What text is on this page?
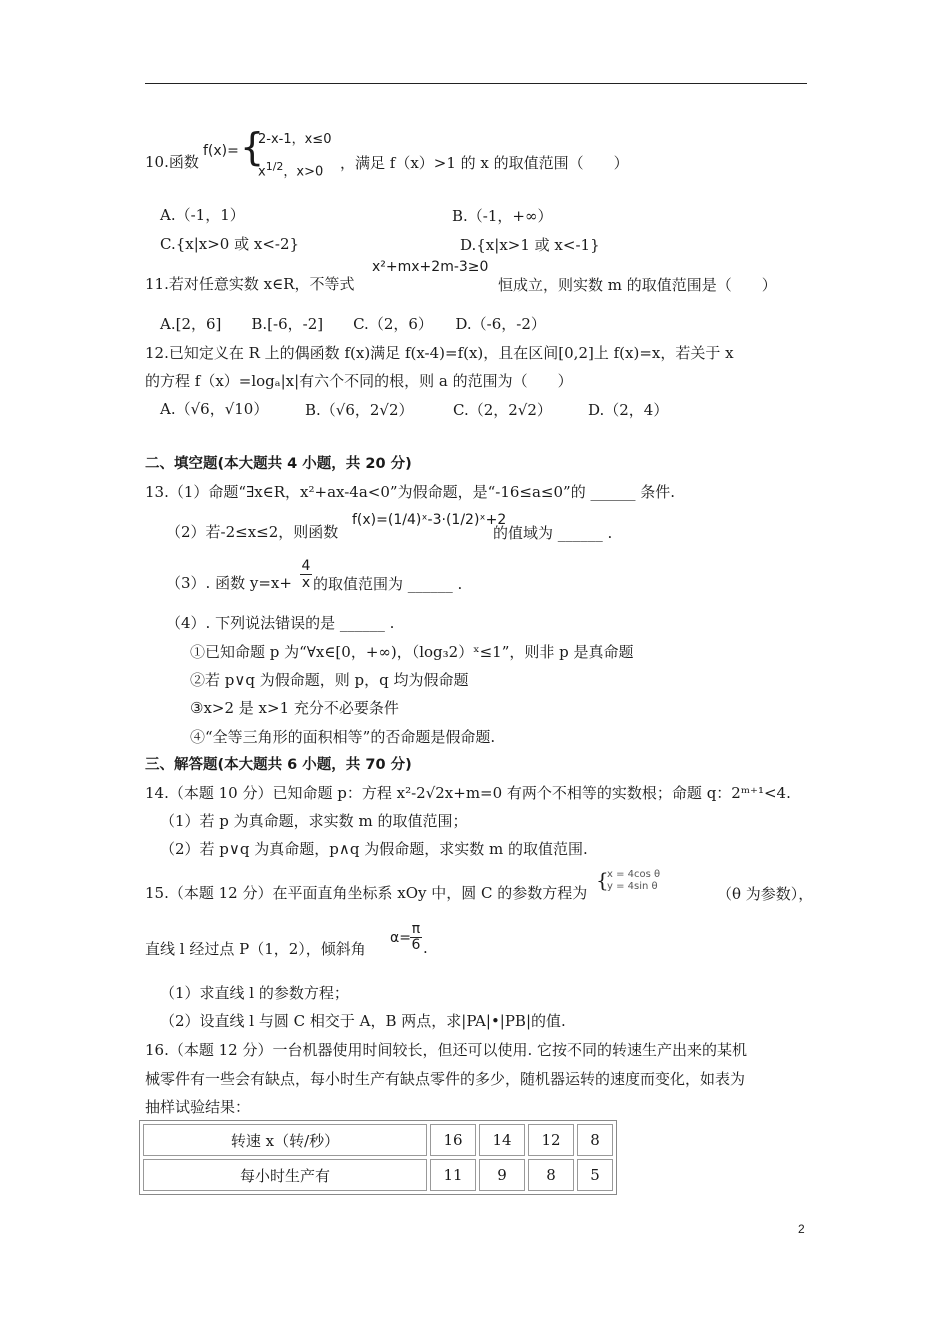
10.函数
f(x)= {
2-x-1，x≤0
$x^{1/2}$，x>0 ，满足 f（x）>1 的 x 的取值范围（　　）
A.（-1，1）	B.（-1，+∞）
C.{x|x>0 或 x<-2}	D.{x|x>1 或 x<-1}
11.若对任意实数 x∈R，不等式
x²+mx+2m-3≥0
恒成立，则实数 m 的取值范围是（　　）
A.[2，6]　　B.[-6，-2]　　C.（2，6）　　D.（-6，-2）
12.已知定义在 R 上的偶函数 f(x)满足 f(x-4)=f(x)，且在区间[0,2]上 f(x)=x，若关于 x
的方程 f（x）=logₐ|x|有六个不同的根，则 a 的范围为（　　）
A.（√6，√10） B.（√6，2√2）	C.（2，2√2） D.（2，4）
二、填空题(本大题共 4 小题，共 20 分)
13.（1）命题“∃x∈R，x²+ax-4a<0”为假命题，是“-16≤a≤0”的 ______ 条件.
（2）若-2≤x≤2，则函数
f(x)=(1/4)ˣ-3·(1/2)ˣ+2
的值域为 ______ .
（3）. 函数 $y=x+ \frac{4}{x}$ 的取值范围为 ______ .
（4）. 下列说法错误的是 ______ .
①已知命题 p 为“∀x∈[0，+∞)，（log₃2）ˣ≤1”，则非 p 是真命题
②若 p∨q 为假命题，则 p，q 均为假命题
③x>2 是 x>1 充分不必要条件
④“全等三角形的面积相等”的否命题是假命题.
三、解答题(本大题共 6 小题，共 70 分)
14.（本题 10 分）已知命题 p：方程 x²-2√2x+m=0 有两个不相等的实数根；命题 q：2ᵐ⁺¹<4.
（1）若 p 为真命题，求实数 m 的取值范围；
（2）若 p∨q 为真命题，p∧q 为假命题，求实数 m 的取值范围.
15.（本题 12 分）在平面直角坐标系 xOy 中，圆 C 的参数方程为
{
x = 4cos θ
y = 4sin θ	（θ 为参数），
直线 l 经过点 P（1，2），倾斜角
$\alpha= \frac{\pi}{6}$ .
（1）求直线 l 的参数方程；
（2）设直线 l 与圆 C 相交于 A，B 两点，求|PA|•|PB|的值.
16.（本题 12 分）一台机器使用时间较长，但还可以使用. 它按不同的转速生产出来的某机
械零件有一些会有缺点，每小时生产有缺点零件的多少，随机器运转的速度而变化，如表为
抽样试验结果：
转速 x（转/秒）	16	14	12	8
每小时生产有	11	9	8	5
2
